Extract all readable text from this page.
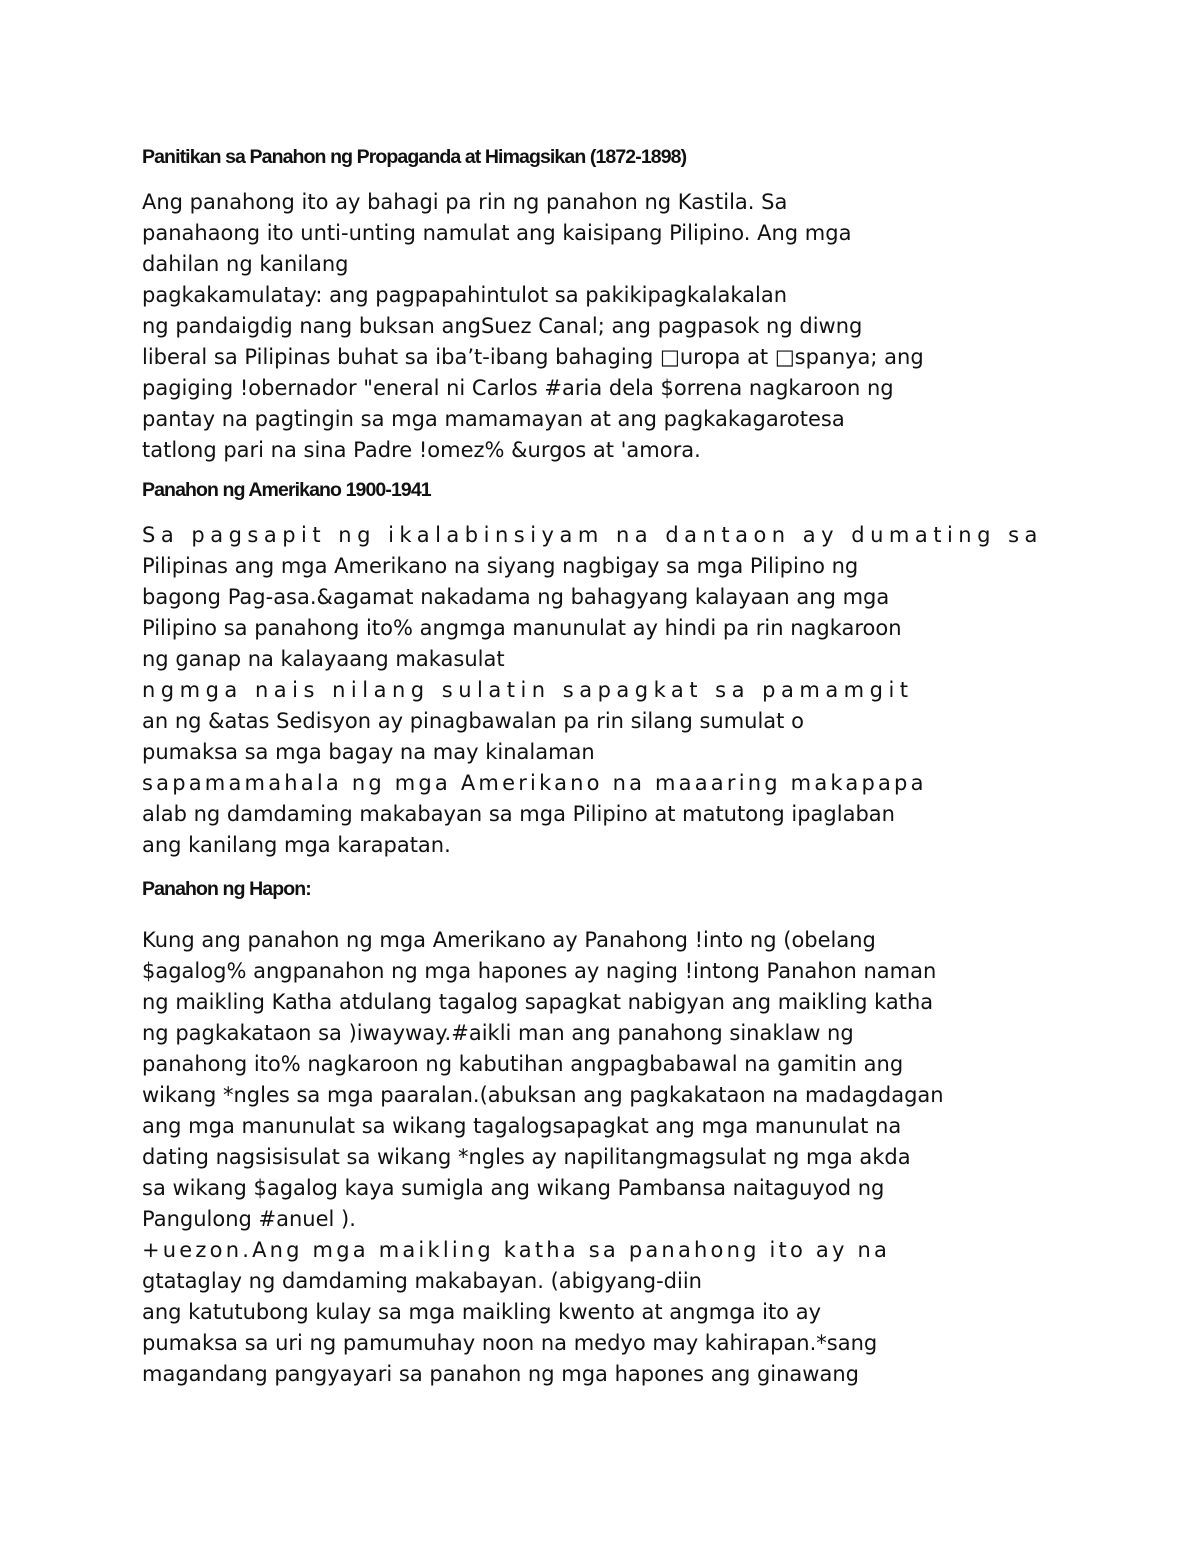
Panitikan sa Panahon ng Propaganda at Himagsikan (1872-1898)

Ang panahong ito ay bahagi pa rin ng panahon ng Kastila. Sa
panahaong ito unti-unting namulat ang kaisipang Pilipino. Ang mga
dahilan ng kanilang
pagkakamulatay: ang pagpapahintulot sa pakikipagkalakalan
ng pandaigdig nang buksan angSuez Canal; ang pagpasok ng diwng
liberal sa Pilipinas buhat sa iba’t-ibang bahaging □uropa at □spanya; ang
pagiging !obernador "eneral ni Carlos #aria dela $orrena nagkaroon ng
pantay na pagtingin sa mga mamamayan at ang pagkakagarotesa
tatlong pari na sina Padre !omez% &urgos at 'amora.

Panahon ng Amerikano 1900-1941

Sa pagsapit ng ikalabinsiyam na dantaon ay dumating sa
Pilipinas ang mga Amerikano na siyang nagbigay sa mga Pilipino ng
bagong Pag-asa.&agamat nakadama ng bahagyang kalayaan ang mga
Pilipino sa panahong ito% angmga manunulat ay hindi pa rin nagkaroon
ng ganap na kalayaang makasulat
ngmga nais nilang sulatin sapagkat sa pamamgit
an ng &atas Sedisyon ay pinagbawalan pa rin silang sumulat o
pumaksa sa mga bagay na may kinalaman
sapamamahala ng mga Amerikano na maaaring makapapa
alab ng damdaming makabayan sa mga Pilipino at matutong ipaglaban
ang kanilang mga karapatan.

Panahon ng Hapon:

Kung ang panahon ng mga Amerikano ay Panahong !into ng (obelang
$agalog% angpanahon ng mga hapones ay naging !intong Panahon naman
ng maikling Katha atdulang tagalog sapagkat nabigyan ang maikling katha
ng pagkakataon sa )iwayway.#aikli man ang panahong sinaklaw ng
panahong ito% nagkaroon ng kabutihan angpagbabawal na gamitin ang
wikang *ngles sa mga paaralan.(abuksan ang pagkakataon na madagdagan
ang mga manunulat sa wikang tagalogsapagkat ang mga manunulat na
dating nagsisisulat sa wikang *ngles ay napilitangmagsulat ng mga akda
sa wikang $agalog kaya sumigla ang wikang Pambansa naitaguyod ng
Pangulong #anuel ).
+uezon.Ang mga maikling katha sa panahong ito ay na
gtataglay ng damdaming makabayan. (abigyang-diin
ang katutubong kulay sa mga maikling kwento at angmga ito ay
pumaksa sa uri ng pamumuhay noon na medyo may kahirapan.*sang
magandang pangyayari sa panahon ng mga hapones ang ginawang
